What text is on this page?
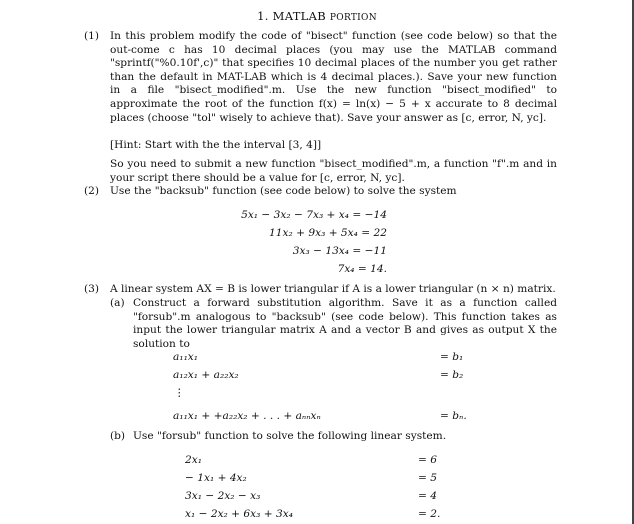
1. MATLAB PORTION
(1) In this problem modify the code of "bisect" function (see code below) so that the out-come c has 10 decimal places (you may use the MATLAB command "sprintf("%0.10f',c)" that specifies 10 decimal places of the number you get rather than the default in MAT-LAB which is 4 decimal places.). Save your new function in a file "bisect_modified".m. Use the new function "bisect_modified" to approximate the root of the function f(x) = ln(x) − 5 + x accurate to 8 decimal places (choose "tol" wisely to achieve that). Save your answer as [c, error, N, yc].
[Hint: Start with the the interval [3, 4]]
So you need to submit a new function "bisect_modified".m, a function "f".m and in your script there should be a value for [c, error, N, yc].
(2) Use the "backsub" function (see code below) to solve the system
5x₁ − 3x₂ − 7x₃ + x₄ = −14
11x₂ + 9x₃ + 5x₄ = 22
3x₃ − 13x₄ = −11
7x₄ = 14.
(3) A linear system AX = B is lower triangular if A is a lower triangular (n × n) matrix.
(a) Construct a forward substitution algorithm. Save it as a function called "forsub".m analogous to "backsub" (see code below). This function takes as input the lower triangular matrix A and a vector B and gives as output X the solution to
a₁₁x₁	= b₁
a₁₂x₁ + a₂₂x₂	= b₂
⋮
a₁₁x₁ + +a₂₂x₂ + . . . + aₙₙxₙ	= bₙ.
(b) Use "forsub" function to solve the following linear system.
2x₁	= 6
− 1x₁ + 4x₂	= 5
3x₁ − 2x₂ − x₃	= 4
x₁ − 2x₂ + 6x₃ + 3x₄	= 2.
